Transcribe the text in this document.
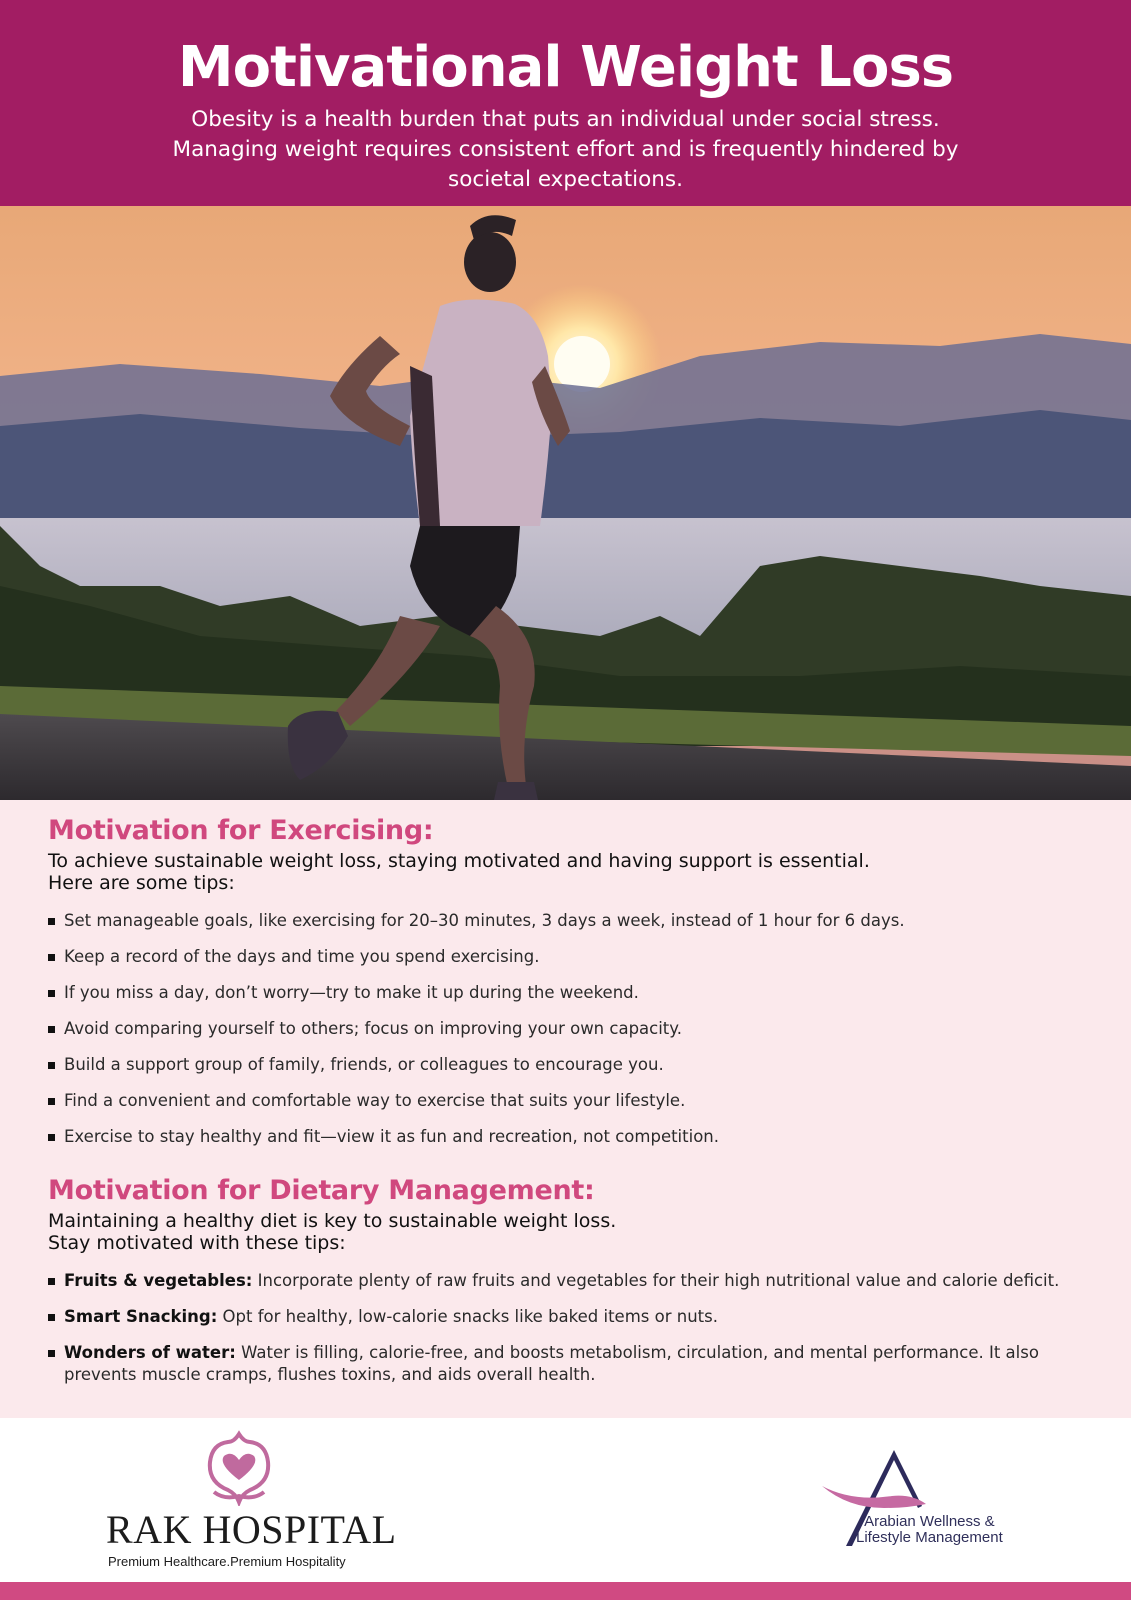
Motivational Weight Loss

Obesity is a health burden that puts an individual under social stress. Managing weight requires consistent effort and is frequently hindered by societal expectations.

Motivation for Exercising:
To achieve sustainable weight loss, staying motivated and having support is essential.
Here are some tips:
Set manageable goals, like exercising for 20–30 minutes, 3 days a week, instead of 1 hour for 6 days.
Keep a record of the days and time you spend exercising.
If you miss a day, don’t worry—try to make it up during the weekend.
Avoid comparing yourself to others; focus on improving your own capacity.
Build a support group of family, friends, or colleagues to encourage you.
Find a convenient and comfortable way to exercise that suits your lifestyle.
Exercise to stay healthy and fit—view it as fun and recreation, not competition.
Motivation for Dietary Management:
Maintaining a healthy diet is key to sustainable weight loss.
Stay motivated with these tips:
Fruits & vegetables: Incorporate plenty of raw fruits and vegetables for their high nutritional value and calorie deficit.
Smart Snacking: Opt for healthy, low-calorie snacks like baked items or nuts.
Wonders of water: Water is filling, calorie-free, and boosts metabolism, circulation, and mental performance. It also prevents muscle cramps, flushes toxins, and aids overall health.
RAK HOSPITAL
Premium Healthcare.Premium Hospitality
Arabian Wellness &
Lifestyle Management
